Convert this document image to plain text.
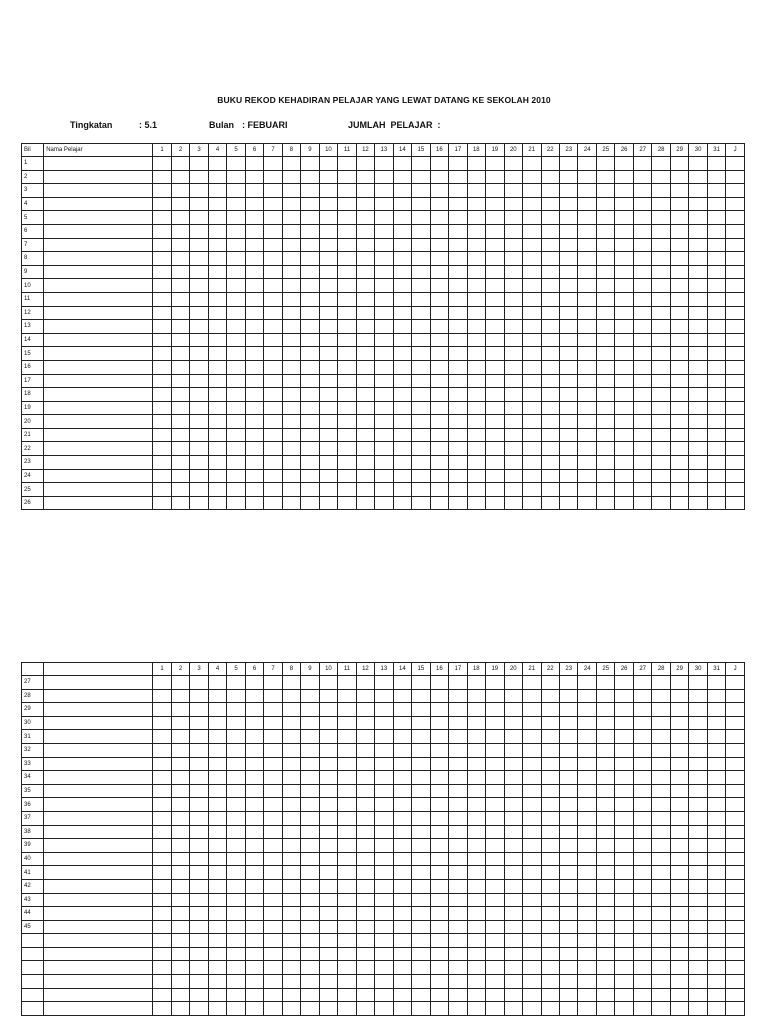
BUKU REKOD KEHADIRAN PELAJAR YANG LEWAT DATANG KE SEKOLAH 2010
Tingkatan	: 5.1	Bulan : FEBUARI	JUMLAH  PELAJAR  :
Bil	Nama Pelajar	1	2	3	4	5	6	7	8	9	10	11	12	13	14	15	16	17	18	19	20	21	22	23	24	25	26	27	28	29	30	31	J
1																																	
2																																	
3																																	
4																																	
5																																	
6																																	
7																																	
8																																	
9																																	
10																																	
11																																	
12																																	
13																																	
14																																	
15																																	
16																																	
17																																	
18																																	
19																																	
20																																	
21																																	
22																																	
23																																	
24																																	
25																																	
26																																	
		1	2	3	4	5	6	7	8	9	10	11	12	13	14	15	16	17	18	19	20	21	22	23	24	25	26	27	28	29	30	31	J
27																																	
28																																	
29																																	
30																																	
31																																	
32																																	
33																																	
34																																	
35																																	
36																																	
37																																	
38																																	
39																																	
40																																	
41																																	
42																																	
43																																	
44																																	
45																																	
